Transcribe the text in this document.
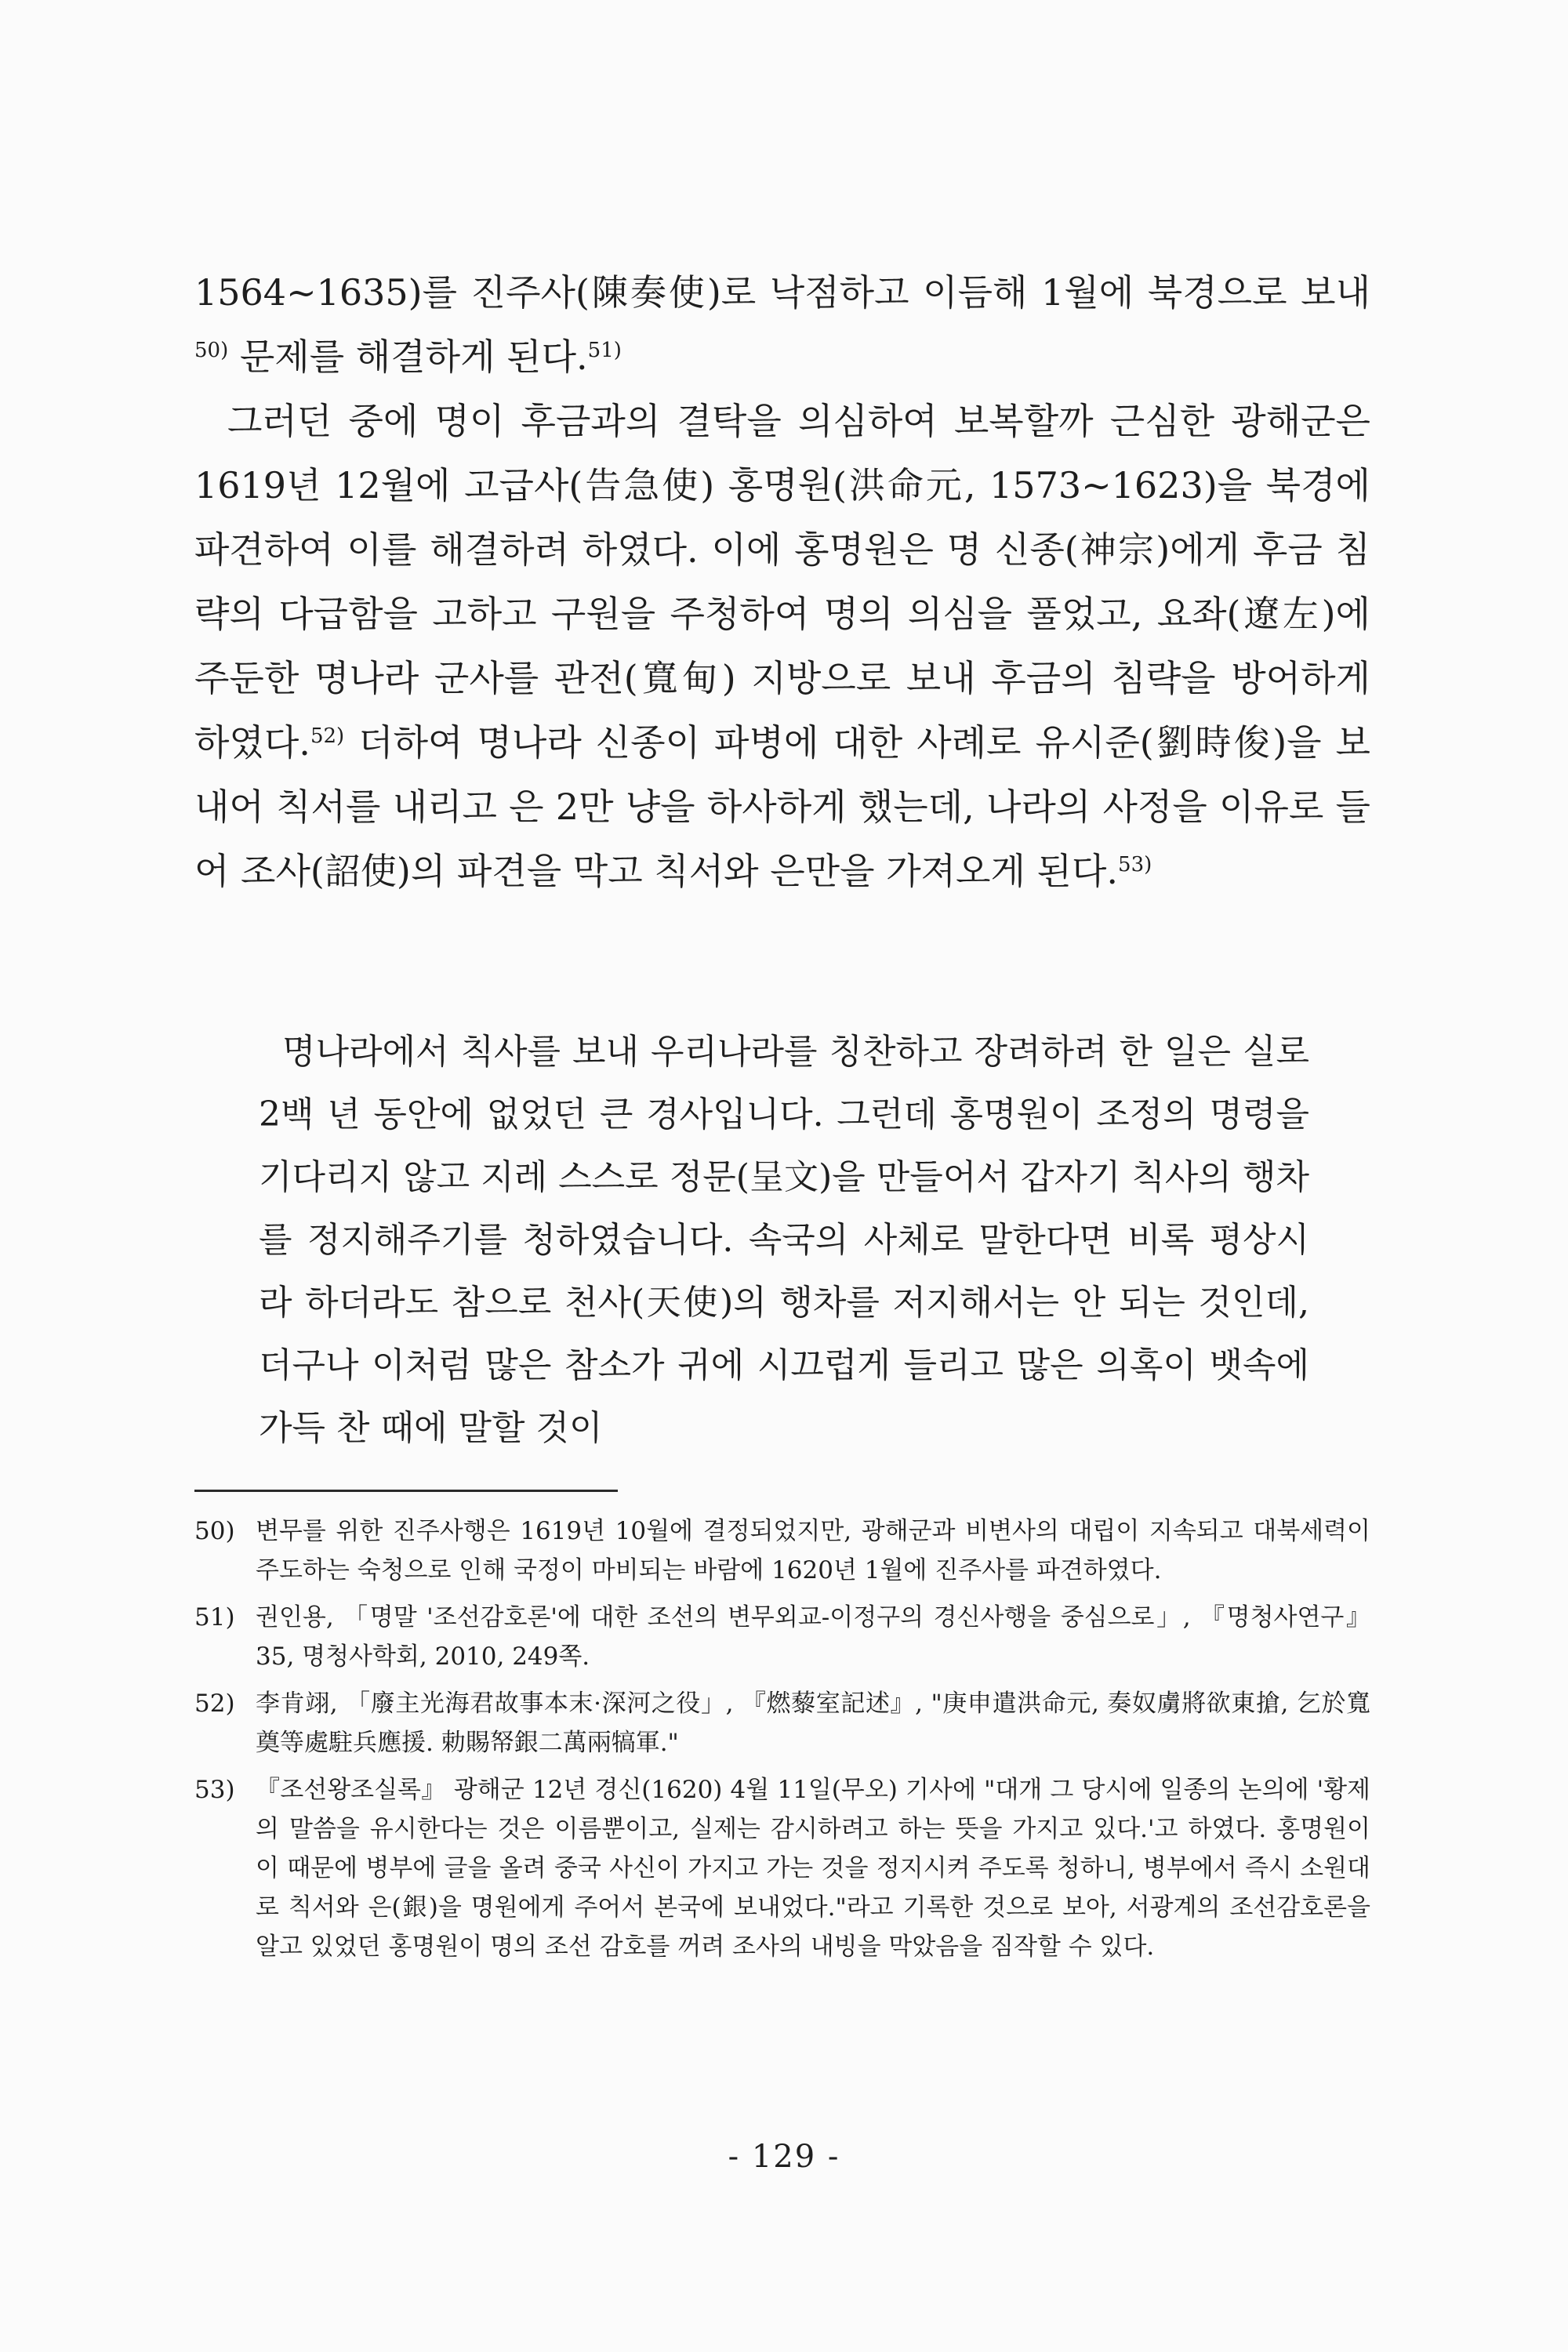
1564~1635)를 진주사(陳奏使)로 낙점하고 이듬해 1월에 북경으로 보내$^{50)}$ 문제를 해결하게 된다.$^{51)}$

그러던 중에 명이 후금과의 결탁을 의심하여 보복할까 근심한 광해군은 1619년 12월에 고급사(告急使) 홍명원(洪命元, 1573~1623)을 북경에 파견하여 이를 해결하려 하였다. 이에 홍명원은 명 신종(神宗)에게 후금 침략의 다급함을 고하고 구원을 주청하여 명의 의심을 풀었고, 요좌(遼左)에 주둔한 명나라 군사를 관전(寬甸) 지방으로 보내 후금의 침략을 방어하게 하였다.$^{52)}$ 더하여 명나라 신종이 파병에 대한 사례로 유시준(劉時俊)을 보내어 칙서를 내리고 은 2만 냥을 하사하게 했는데, 나라의 사정을 이유로 들어 조사(詔使)의 파견을 막고 칙서와 은만을 가져오게 된다.$^{53)}$

명나라에서 칙사를 보내 우리나라를 칭찬하고 장려하려 한 일은 실로 2백 년 동안에 없었던 큰 경사입니다. 그런데 홍명원이 조정의 명령을 기다리지 않고 지레 스스로 정문(呈文)을 만들어서 갑자기 칙사의 행차를 정지해주기를 청하였습니다. 속국의 사체로 말한다면 비록 평상시라 하더라도 참으로 천사(天使)의 행차를 저지해서는 안 되는 것인데, 더구나 이처럼 많은 참소가 귀에 시끄럽게 들리고 많은 의혹이 뱃속에 가득 찬 때에 말할 것이

50) 변무를 위한 진주사행은 1619년 10월에 결정되었지만, 광해군과 비변사의 대립이 지속되고 대북세력이 주도하는 숙청으로 인해 국정이 마비되는 바람에 1620년 1월에 진주사를 파견하였다.
51) 권인용, 「명말 '조선감호론'에 대한 조선의 변무외교-이정구의 경신사행을 중심으로」, 『명청사연구』 35, 명청사학회, 2010, 249쪽.
52) 李肯翊, 「廢主光海君故事本末·深河之役」, 『燃藜室記述』, "庚申遣洪命元, 奏奴虜將欲東搶, 乞於寬奠等處駐兵應援. 勅賜帑銀二萬兩犒軍."
53) 『조선왕조실록』 광해군 12년 경신(1620) 4월 11일(무오) 기사에 "대개 그 당시에 일종의 논의에 '황제의 말씀을 유시한다는 것은 이름뿐이고, 실제는 감시하려고 하는 뜻을 가지고 있다.'고 하였다. 홍명원이 이 때문에 병부에 글을 올려 중국 사신이 가지고 가는 것을 정지시켜 주도록 청하니, 병부에서 즉시 소원대로 칙서와 은(銀)을 명원에게 주어서 본국에 보내었다."라고 기록한 것으로 보아, 서광계의 조선감호론을 알고 있었던 홍명원이 명의 조선 감호를 꺼려 조사의 내빙을 막았음을 짐작할 수 있다.
- 129 -
